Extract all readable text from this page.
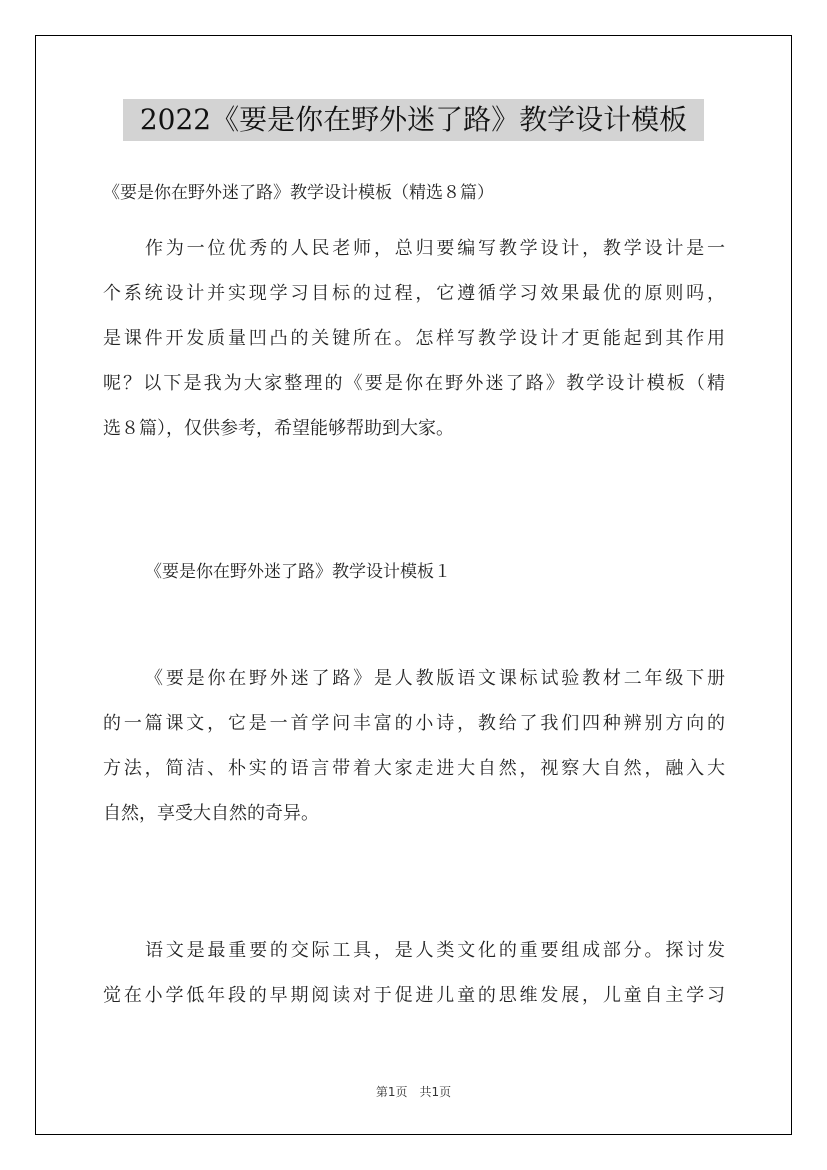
2022《要是你在野外迷了路》教学设计模板

《要是你在野外迷了路》教学设计模板（精选８篇）

作为一位优秀的人民老师，总归要编写教学设计，教学设计是一
个系统设计并实现学习目标的过程，它遵循学习效果最优的原则吗，
是课件开发质量凹凸的关键所在。怎样写教学设计才更能起到其作用
呢？以下是我为大家整理的《要是你在野外迷了路》教学设计模板（精
选８篇），仅供参考，希望能够帮助到大家。
《要是你在野外迷了路》教学设计模板１
《要是你在野外迷了路》是人教版语文课标试验教材二年级下册
的一篇课文，它是一首学问丰富的小诗，教给了我们四种辨别方向的
方法，简洁、朴实的语言带着大家走进大自然，视察大自然，融入大
自然，享受大自然的奇异。
语文是最重要的交际工具，是人类文化的重要组成部分。探讨发
觉在小学低年段的早期阅读对于促进儿童的思维发展，儿童自主学习
第1页　共1页
